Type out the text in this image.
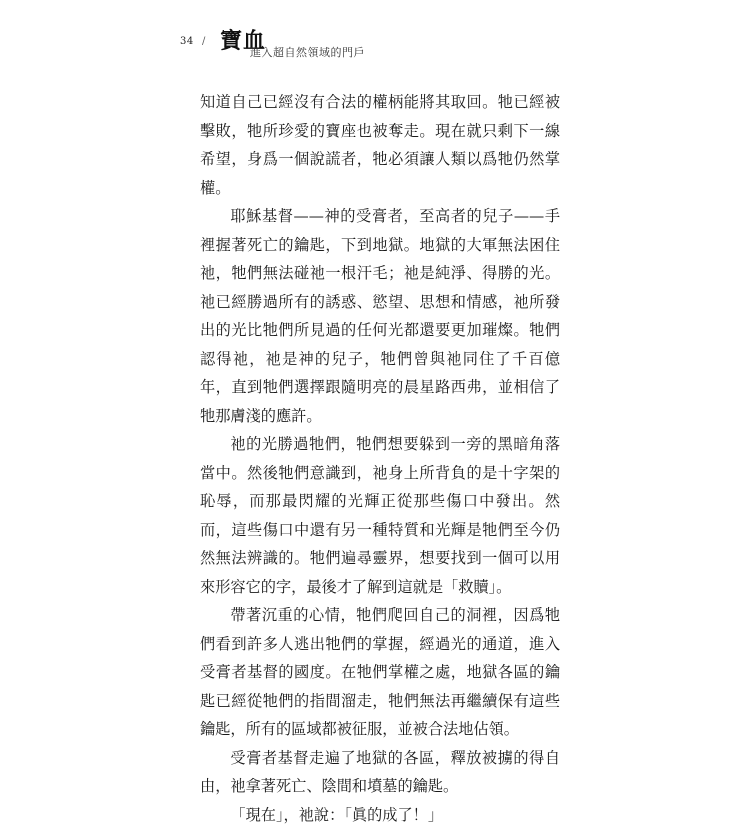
34 / 寶血
進入超自然領域的門戶

知道自己已經沒有合法的權柄能將其取回。牠已經被擊敗，牠所珍愛的寶座也被奪走。現在就只剩下一線希望，身爲一個說謊者，牠必須讓人類以爲牠仍然掌權。

耶穌基督——神的受膏者，至高者的兒子——手裡握著死亡的鑰匙，下到地獄。地獄的大軍無法困住祂，牠們無法碰祂一根汗毛；祂是純淨、得勝的光。祂已經勝過所有的誘惑、慾望、思想和情感，祂所發出的光比牠們所見過的任何光都還要更加璀燦。牠們認得祂，祂是神的兒子，牠們曾與祂同住了千百億年，直到牠們選擇跟隨明亮的晨星路西弗，並相信了牠那膚淺的應許。

祂的光勝過牠們，牠們想要躲到一旁的黑暗角落當中。然後牠們意識到，祂身上所背負的是十字架的恥辱，而那最閃耀的光輝正從那些傷口中發出。然而，這些傷口中還有另一種特質和光輝是牠們至今仍然無法辨識的。牠們遍尋靈界，想要找到一個可以用來形容它的字，最後才了解到這就是「救贖」。

帶著沉重的心情，牠們爬回自己的洞裡，因爲牠們看到許多人逃出牠們的掌握，經過光的通道，進入受膏者基督的國度。在牠們掌權之處，地獄各區的鑰匙已經從牠們的指間溜走，牠們無法再繼續保有這些鑰匙，所有的區域都被征服，並被合法地佔領。

受膏者基督走遍了地獄的各區，釋放被擄的得自由，祂拿著死亡、陰間和墳墓的鑰匙。

「現在」，祂說：「眞的成了！」
